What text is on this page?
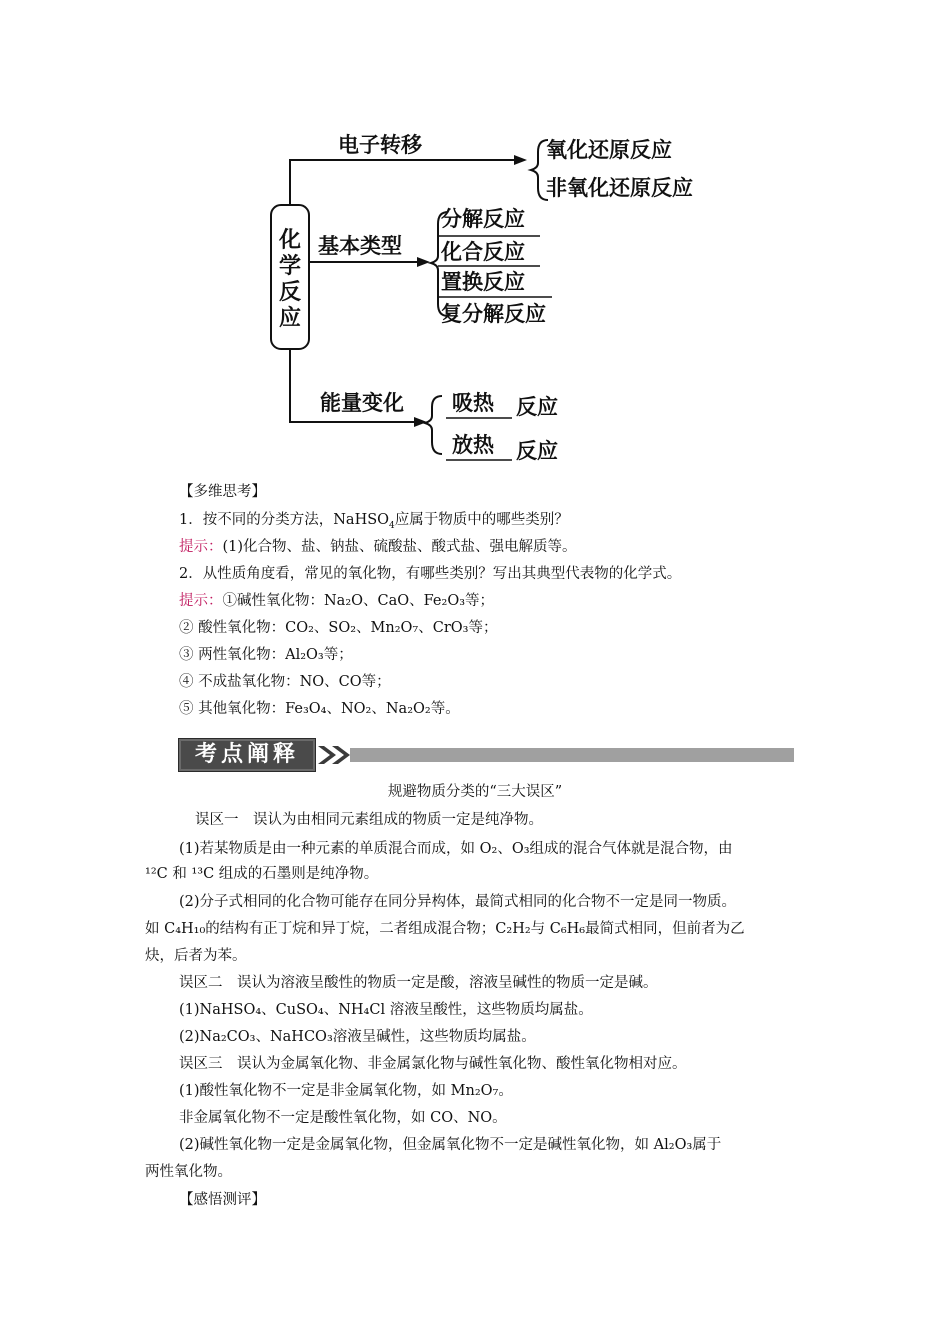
化
学
反
应
电子转移	氧化还原反应
非氧化还原反应
基本类型
分解反应
化合反应
置换反应
复分解反应
能量变化 吸热 反应
放热 反应
【多维思考】
1．按不同的分类方法，NaHSO$_4$应属于物质中的哪些类别？
提示：(1)化合物、盐、钠盐、硫酸盐、酸式盐、强电解质等。
2．从性质角度看，常见的氧化物，有哪些类别？写出其典型代表物的化学式。
提示：①碱性氧化物：Na₂O、CaO、Fe₂O₃等；
② 酸性氧化物：CO₂、SO₂、Mn₂O₇、CrO₃等；
③ 两性氧化物：Al₂O₃等；
④ 不成盐氧化物：NO、CO等；
⑤ 其他氧化物：Fe₃O₄、NO₂、Na₂O₂等。
考点阐释
规避物质分类的“三大误区”
误区一　误认为由相同元素组成的物质一定是纯净物。
(1)若某物质是由一种元素的单质混合而成，如 O₂、O₃组成的混合气体就是混合物，由
¹²C 和 ¹³C 组成的石墨则是纯净物。
(2)分子式相同的化合物可能存在同分异构体，最简式相同的化合物不一定是同一物质。
如 C₄H₁₀的结构有正丁烷和异丁烷，二者组成混合物；C₂H₂与 C₆H₆最简式相同，但前者为乙
炔，后者为苯。
误区二　误认为溶液呈酸性的物质一定是酸，溶液呈碱性的物质一定是碱。
(1)NaHSO₄、CuSO₄、NH₄Cl 溶液呈酸性，这些物质均属盐。
(2)Na₂CO₃、NaHCO₃溶液呈碱性，这些物质均属盐。
误区三　误认为金属氧化物、非金属氯化物与碱性氧化物、酸性氧化物相对应。
(1)酸性氧化物不一定是非金属氧化物，如 Mn₂O₇。
非金属氧化物不一定是酸性氧化物，如 CO、NO。
(2)碱性氧化物一定是金属氧化物，但金属氧化物不一定是碱性氧化物，如 Al₂O₃属于
两性氧化物。
【感悟测评】
